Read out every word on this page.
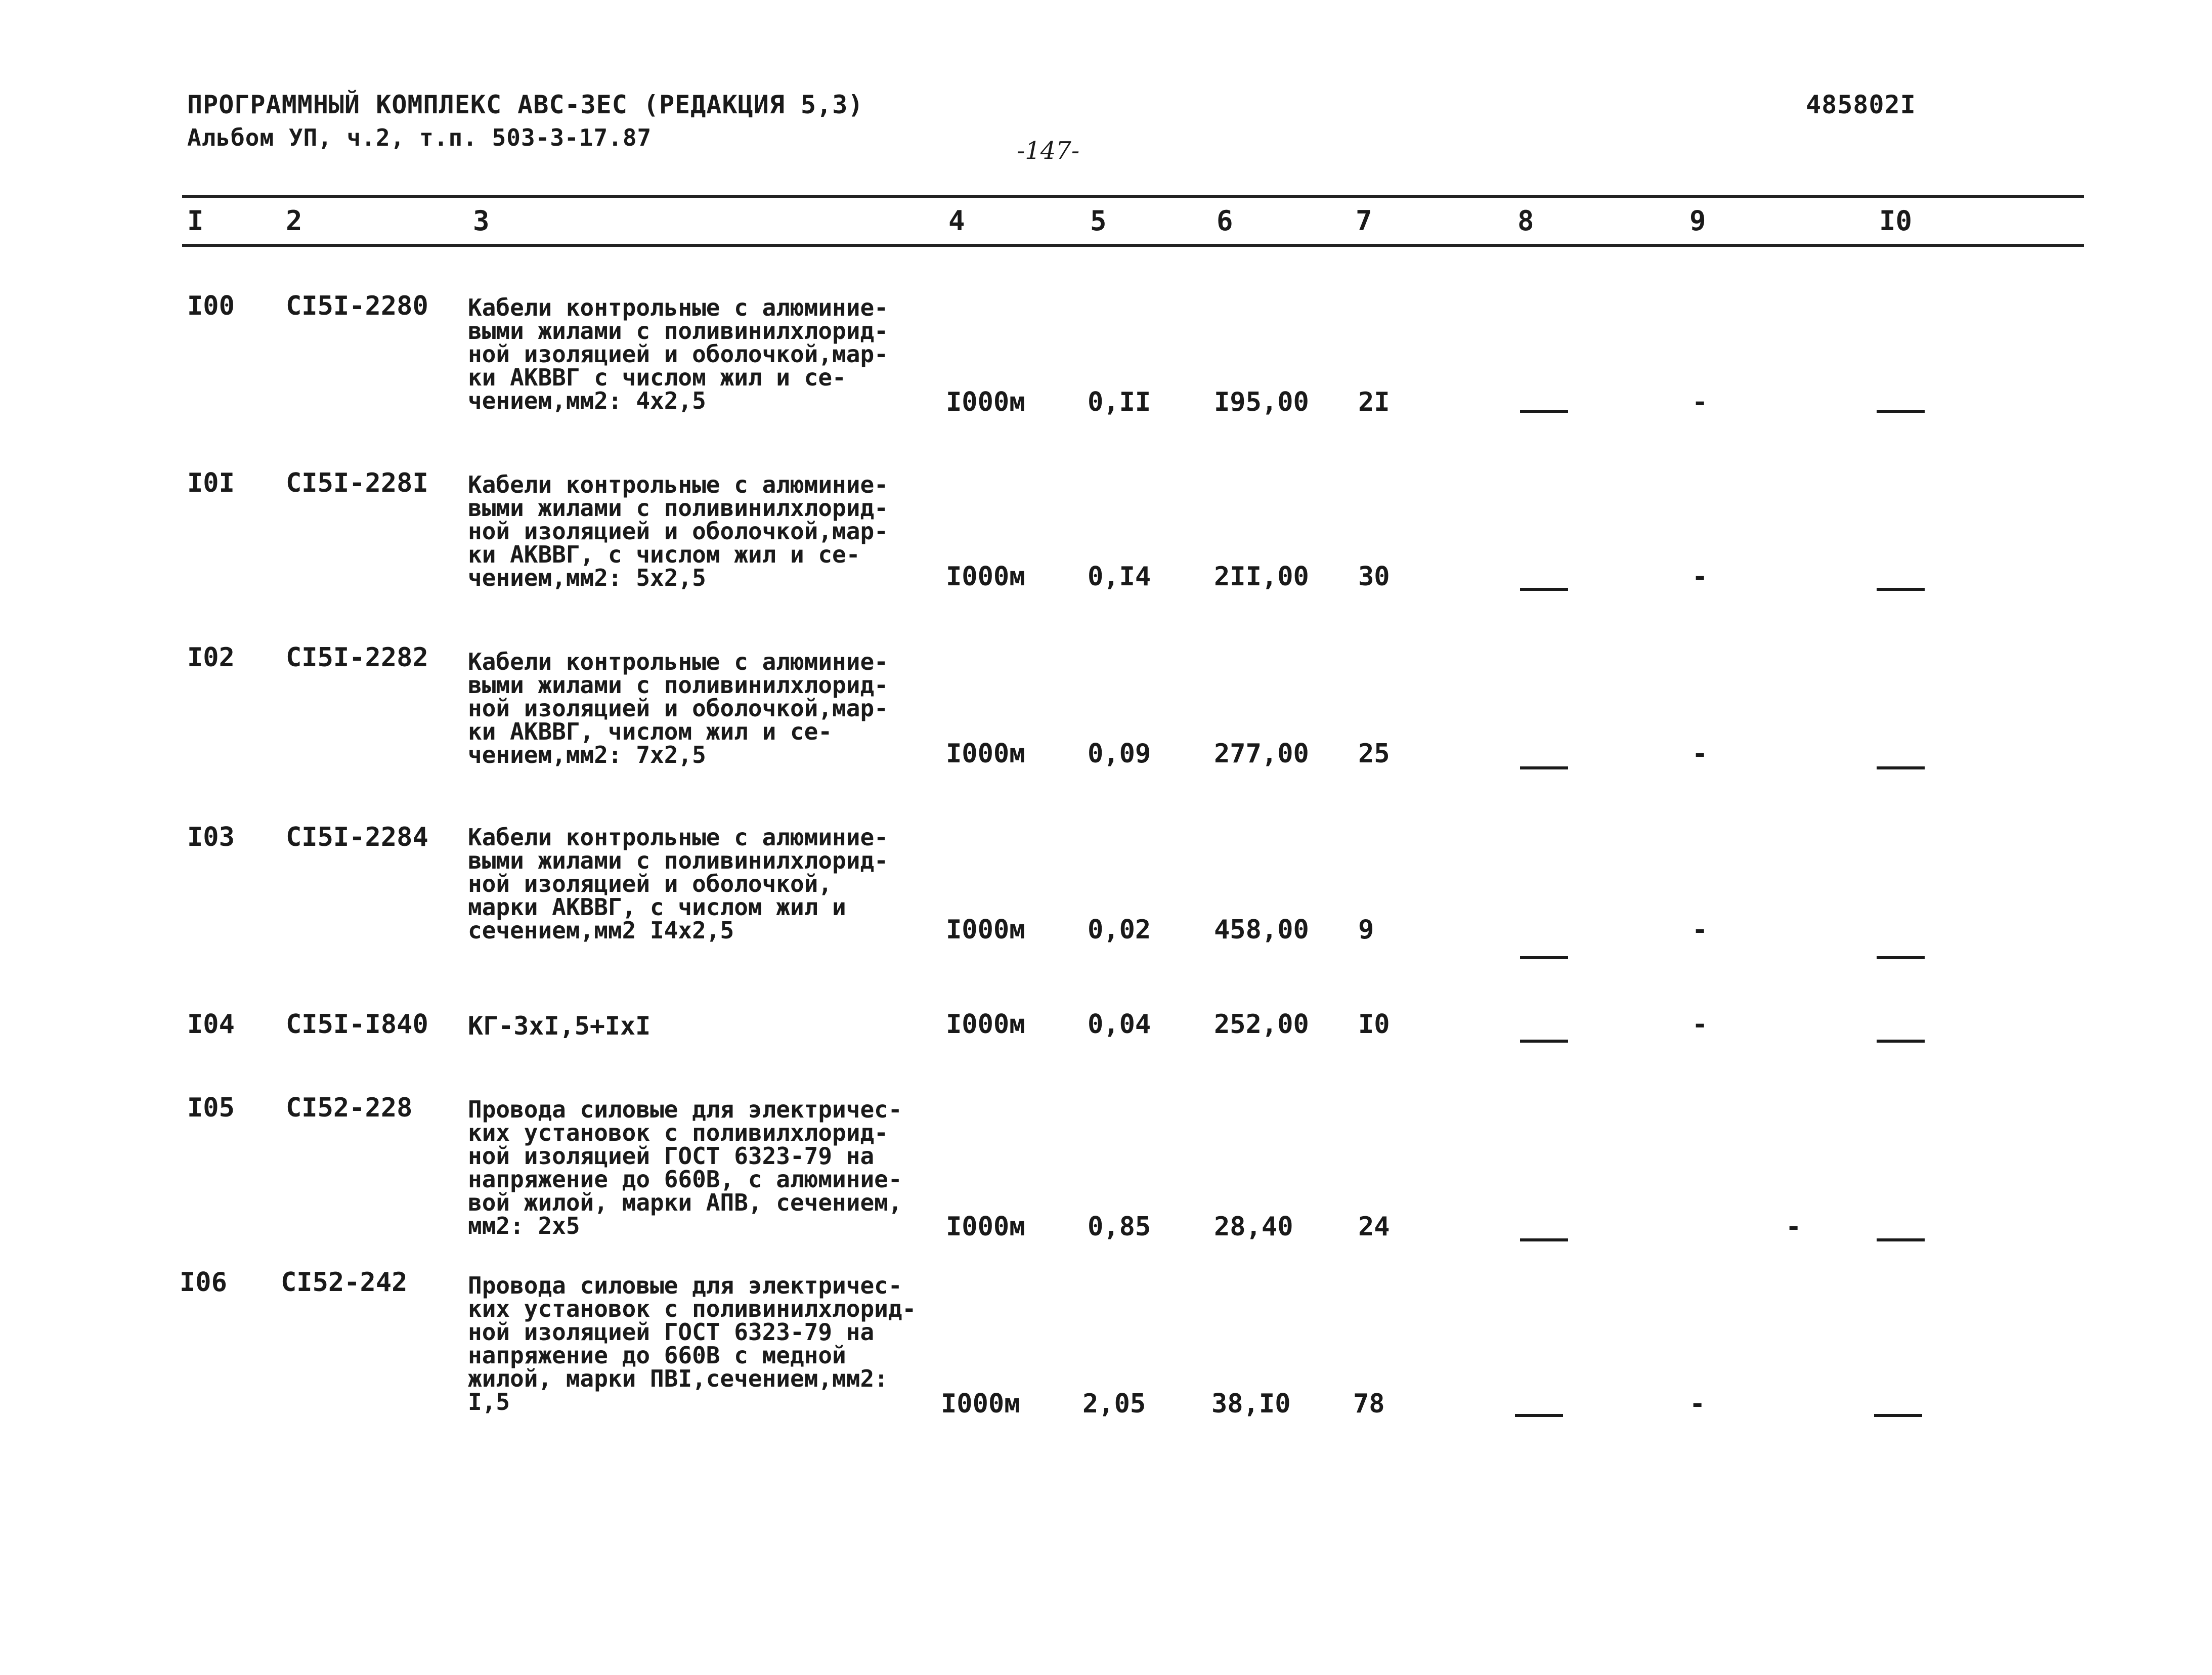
ПРОГРАММНЫЙ КОМПЛЕКС АВС-3ЕС (РЕДАКЦИЯ 5,3)
Альбом УП, ч.2, т.п. 503-3-17.87
485802I
-147-
I	2	3	4	5	6	7	8	9	I0
I00 CI5I-2280 Кабели контрольные с алюминие-
выми жилами с поливинилхлорид-
ной изоляцией и оболочкой,мар-
ки АКВВГ с числом жил и се-
чением,мм2: 4х2,5	I000м 0,II I95,00 2I	-
I0I CI5I-228I Кабели контрольные с алюминие-
выми жилами с поливинилхлорид-
ной изоляцией и оболочкой,мар-
ки АКВВГ, с числом жил и се-
чением,мм2: 5х2,5	I000м 0,I4 2II,00 30	-
I02 CI5I-2282 Кабели контрольные с алюминие-
выми жилами с поливинилхлорид-
ной изоляцией и оболочкой,мар-
ки АКВВГ, числом жил и се-
чением,мм2: 7х2,5	I000м 0,09 277,00 25	-
I03 CI5I-2284 Кабели контрольные с алюминие-
выми жилами с поливинилхлорид-
ной изоляцией и оболочкой,
марки АКВВГ, с числом жил и
сечением,мм2 I4х2,5	I000м 0,02 458,00 9	-
I04 CI5I-I840 КГ-3хI,5+IхI	I000м 0,04 252,00 I0	-
I05 CI52-228 Провода силовые для электричес-
ких установок с поливилхлорид-
ной изоляцией ГОСТ 6323-79 на
напряжение до 660В, с алюминие-
вой жилой, марки АПВ, сечением,
мм2: 2х5	I000м 0,85 28,40 24	-
I06 CI52-242	Провода силовые для электричес-
ких установок с поливинилхлорид-
ной изоляцией ГОСТ 6323-79 на
напряжение до 660В с медной
жилой, марки ПВI,сечением,мм2:
I,5	I000м 2,05 38,I0 78	-
